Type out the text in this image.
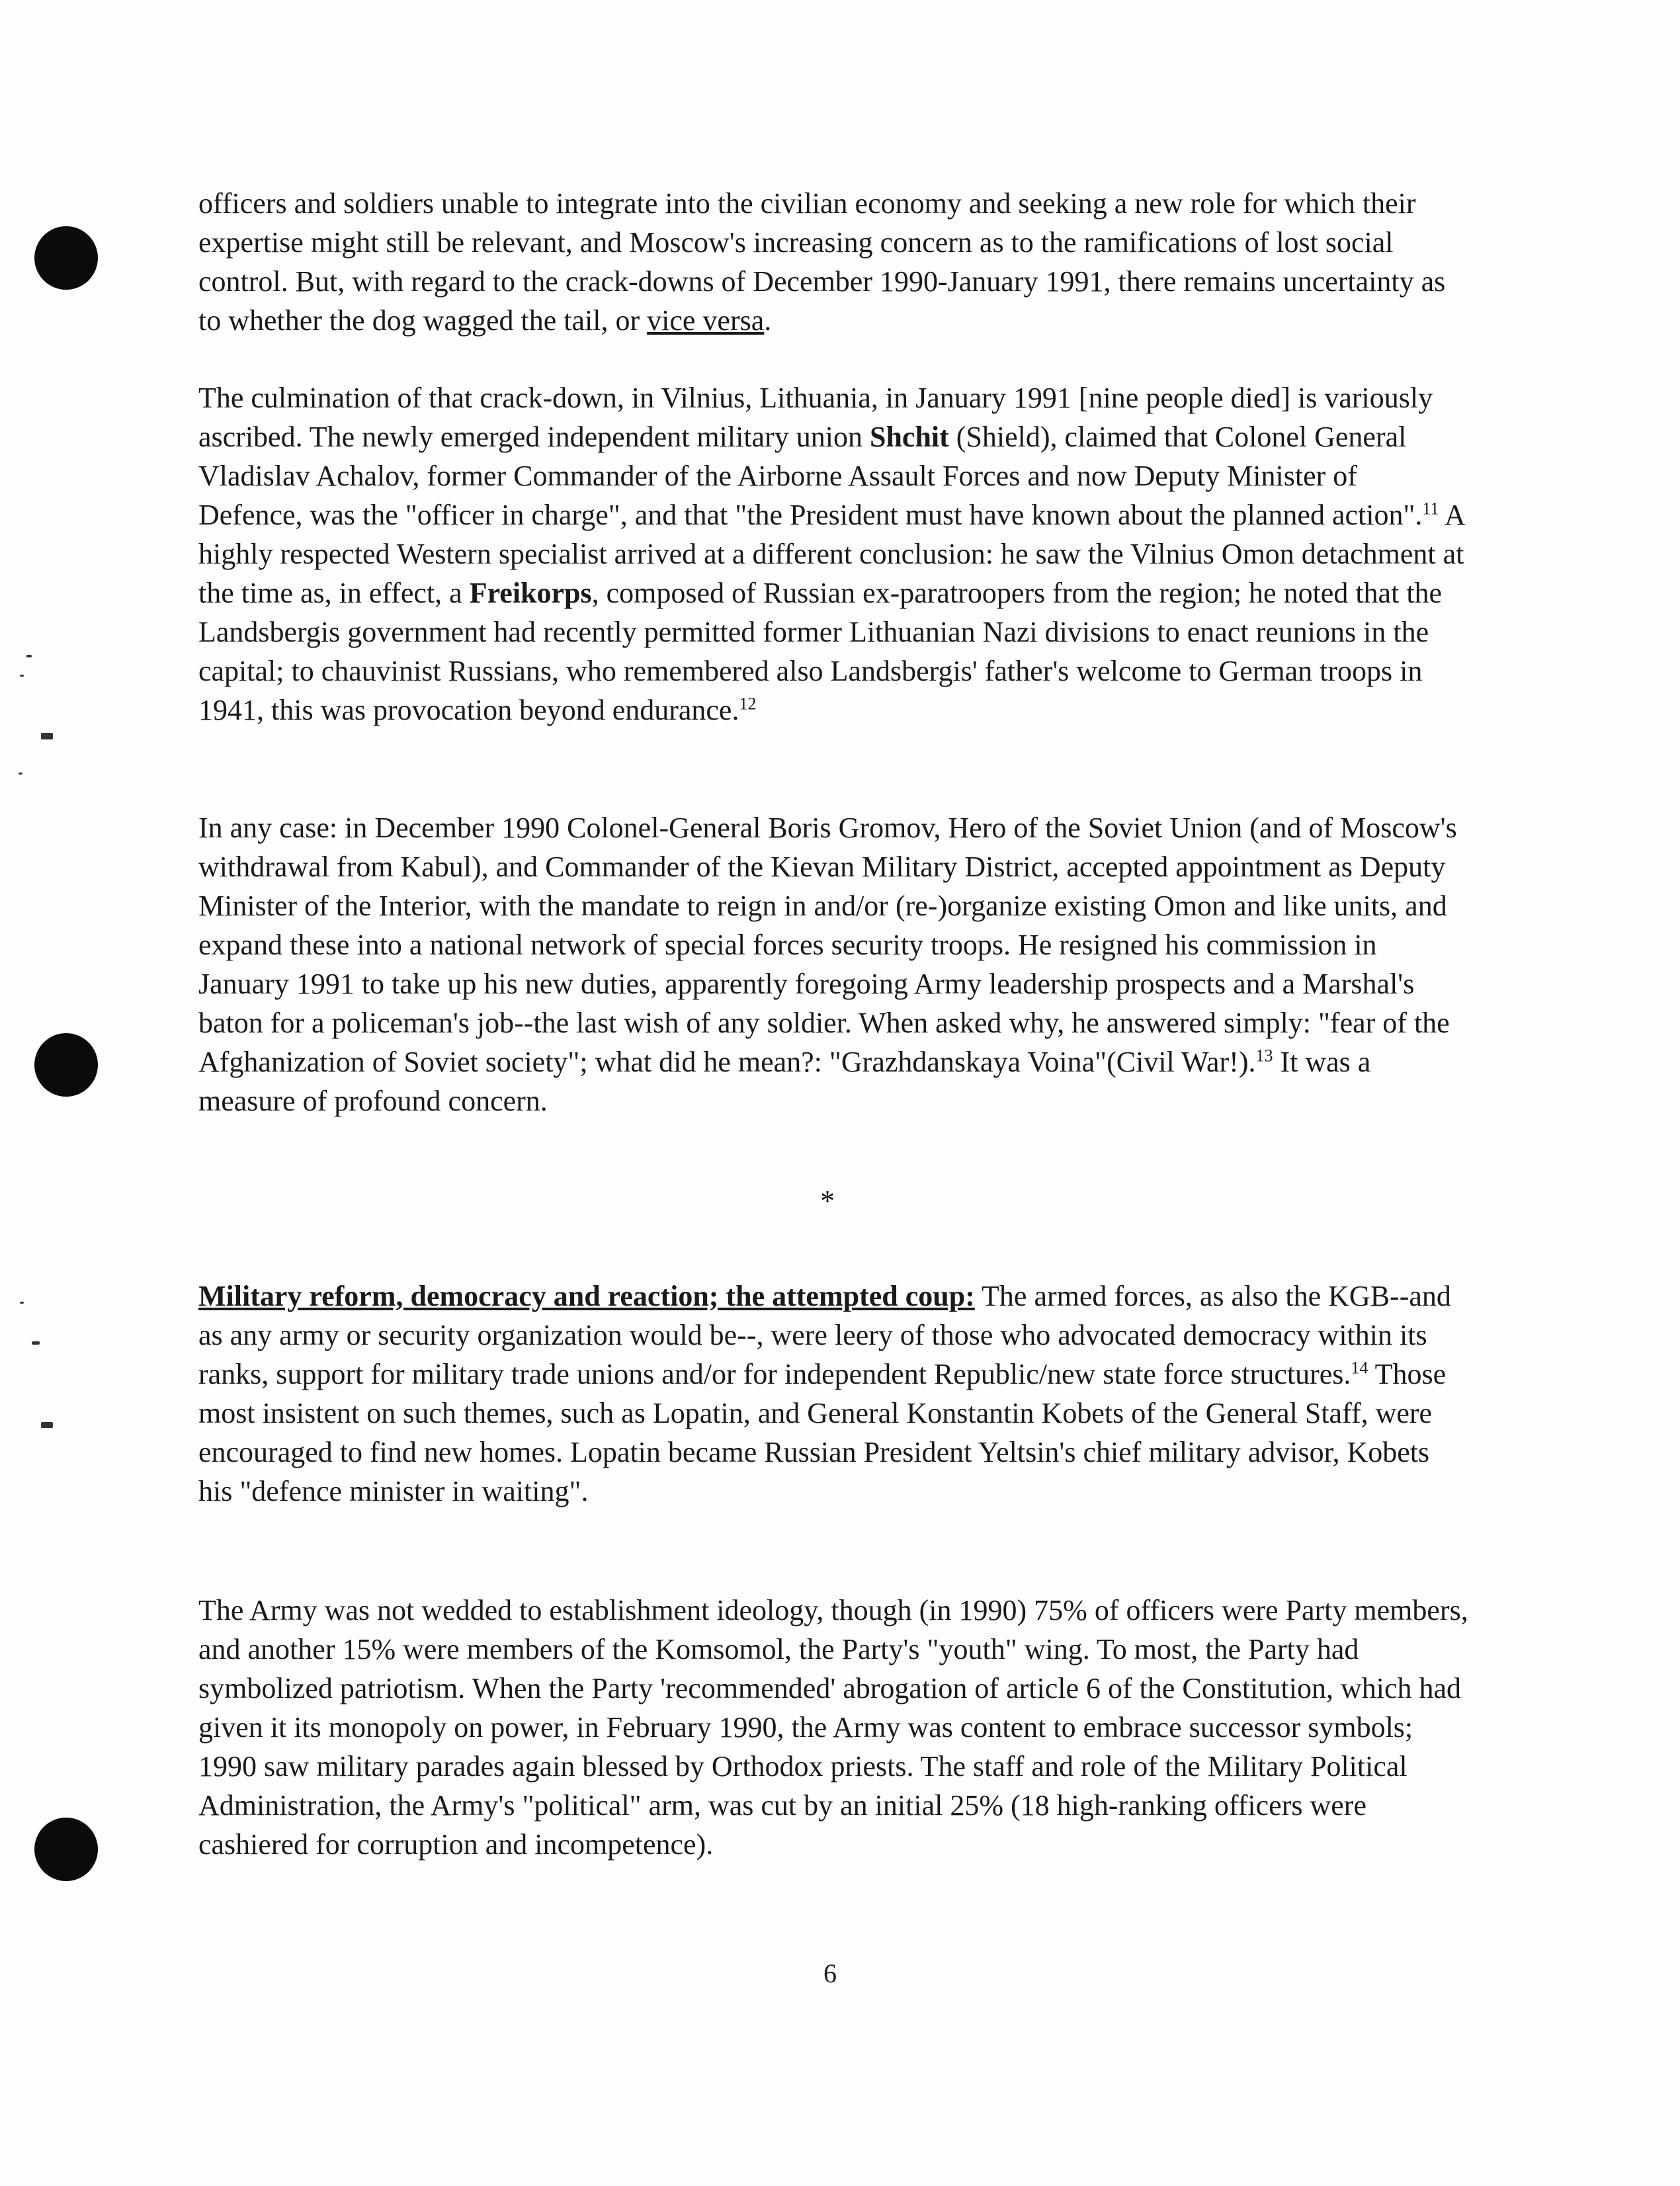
officers and soldiers unable to integrate into the civilian economy and seeking a new role for which their expertise might still be relevant, and Moscow's increasing concern as to the ramifications of lost social control. But, with regard to the crack-downs of December 1990-January 1991, there remains uncertainty as to whether the dog wagged the tail, or vice versa.

The culmination of that crack-down, in Vilnius, Lithuania, in January 1991 [nine people died] is variously ascribed. The newly emerged independent military union Shchit (Shield), claimed that Colonel General Vladislav Achalov, former Commander of the Airborne Assault Forces and now Deputy Minister of Defence, was the "officer in charge", and that "the President must have known about the planned action".$^{11}$ A highly respected Western specialist arrived at a different conclusion: he saw the Vilnius Omon detachment at the time as, in effect, a Freikorps, composed of Russian ex-paratroopers from the region; he noted that the Landsbergis government had recently permitted former Lithuanian Nazi divisions to enact reunions in the capital; to chauvinist Russians, who remembered also Landsbergis' father's welcome to German troops in 1941, this was provocation beyond endurance.$^{12}$

In any case: in December 1990 Colonel-General Boris Gromov, Hero of the Soviet Union (and of Moscow's withdrawal from Kabul), and Commander of the Kievan Military District, accepted appointment as Deputy Minister of the Interior, with the mandate to reign in and/or (re-)organize existing Omon and like units, and expand these into a national network of special forces security troops. He resigned his commission in January 1991 to take up his new duties, apparently foregoing Army leadership prospects and a Marshal's baton for a policeman's job--the last wish of any soldier. When asked why, he answered simply: "fear of the Afghanization of Soviet society"; what did he mean?: "Grazhdanskaya Voina"(Civil War!).$^{13}$ It was a measure of profound concern.

*

Military reform, democracy and reaction; the attempted coup: The armed forces, as also the KGB--and as any army or security organization would be--, were leery of those who advocated democracy within its ranks, support for military trade unions and/or for independent Republic/new state force structures.$^{14}$ Those most insistent on such themes, such as Lopatin, and General Konstantin Kobets of the General Staff, were encouraged to find new homes. Lopatin became Russian President Yeltsin's chief military advisor, Kobets his "defence minister in waiting".

The Army was not wedded to establishment ideology, though (in 1990) 75% of officers were Party members, and another 15% were members of the Komsomol, the Party's "youth" wing. To most, the Party had symbolized patriotism. When the Party 'recommended' abrogation of article 6 of the Constitution, which had given it its monopoly on power, in February 1990, the Army was content to embrace successor symbols; 1990 saw military parades again blessed by Orthodox priests. The staff and role of the Military Political Administration, the Army's "political" arm, was cut by an initial 25% (18 high-ranking officers were cashiered for corruption and incompetence).

6
